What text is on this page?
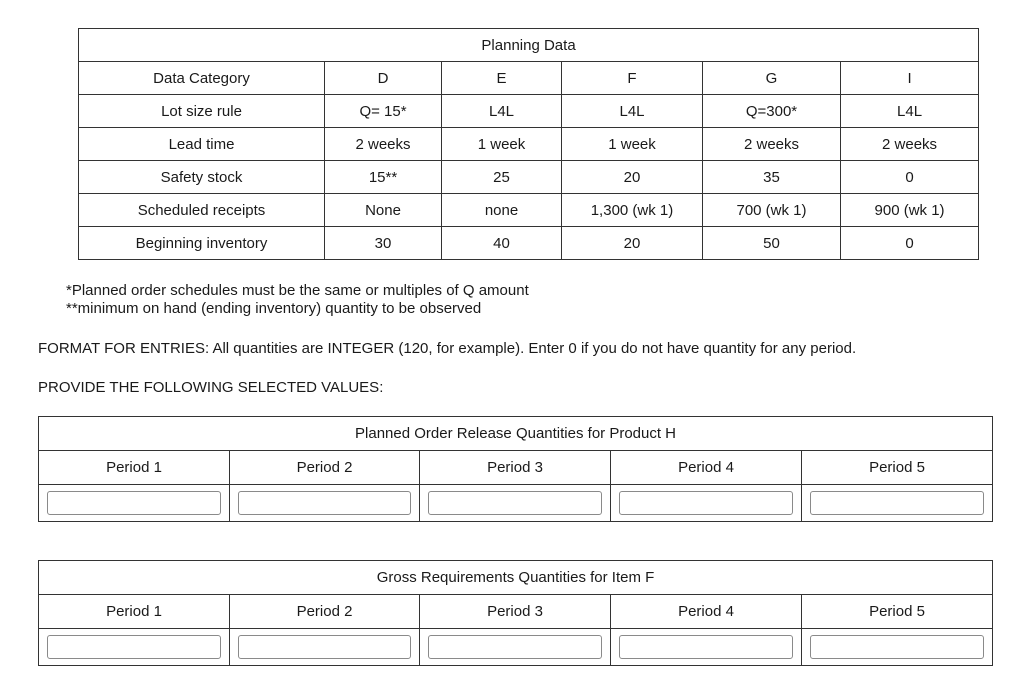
Planning Data					
Data Category	D	E	F	G	I
Lot size rule	Q= 15*	L4L	L4L	Q=300*	L4L
Lead time	2 weeks	1 week	1 week	2 weeks	2 weeks
Safety stock	15**	25	20	35	0
Scheduled receipts	None	none	1,300 (wk 1)	700 (wk 1)	900 (wk 1)
Beginning inventory	30	40	20	50	0
*Planned order schedules must be the same or multiples of Q amount
**minimum on hand (ending inventory) quantity to be observed
FORMAT FOR ENTRIES: All quantities are INTEGER (120, for example). Enter 0 if you do not have quantity for any period.
PROVIDE THE FOLLOWING SELECTED VALUES:
Planned Order Release Quantities for Product H				
Period 1	Period 2	Period 3	Period 4	Period 5

Gross Requirements Quantities for Item F				
Period 1	Period 2	Period 3	Period 4	Period 5
